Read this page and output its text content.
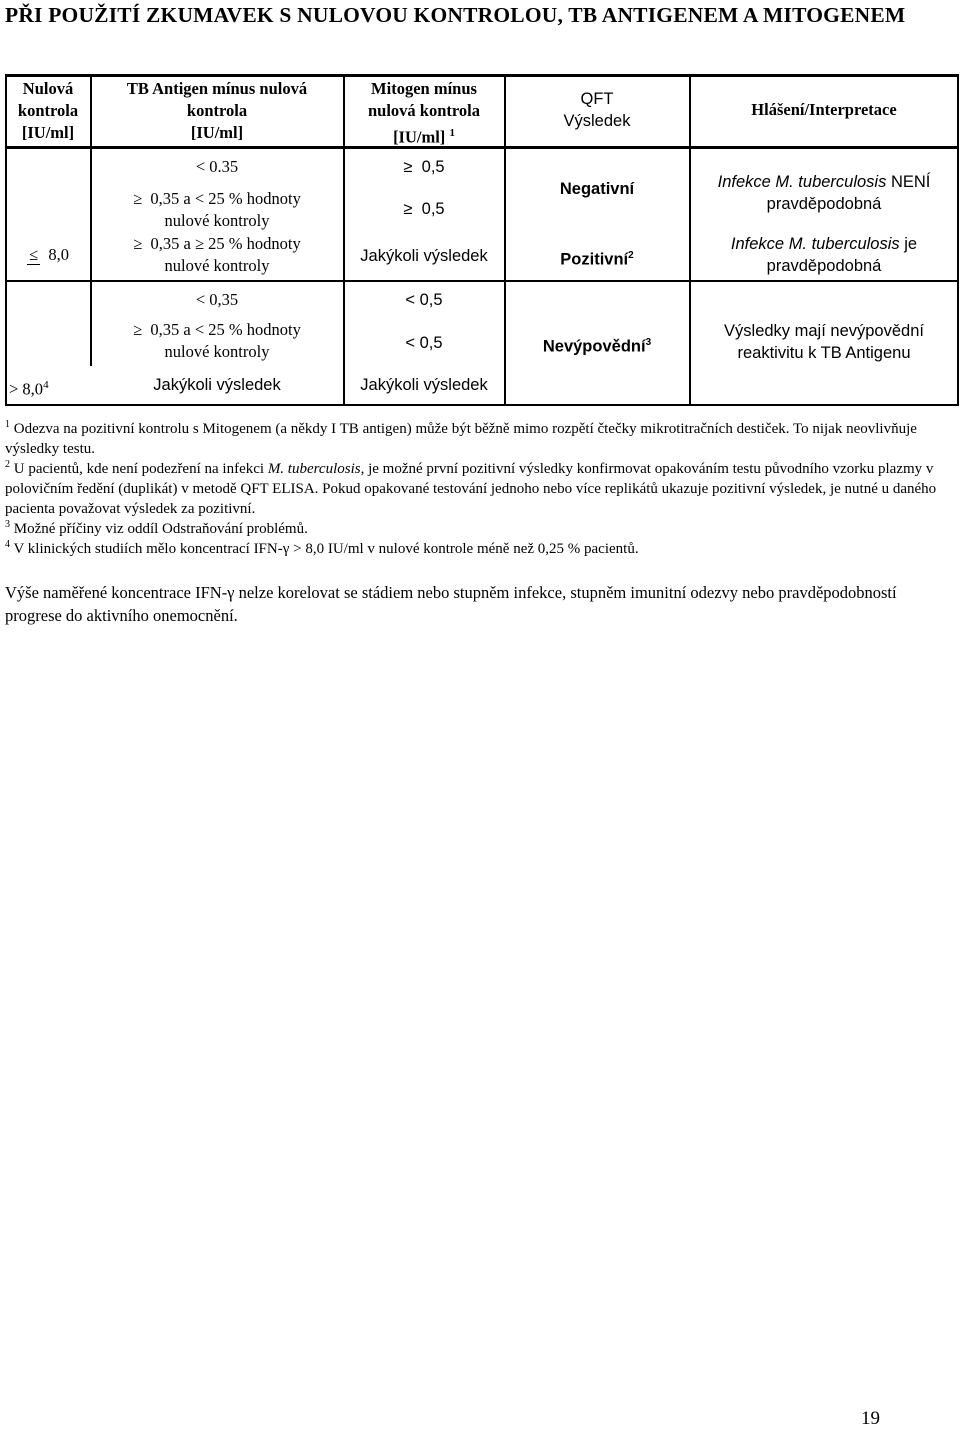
PŘI POUŽITÍ ZKUMAVEK S NULOVOU KONTROLOU, TB ANTIGENEM A MITOGENEM
Nulová
kontrola
[IU/ml]
TB Antigen mínus nulová
kontrola
[IU/ml]
Mitogen mínus
nulová kontrola
[IU/ml] $^1$
QFT
Výsledek
Hlášení/Interpretace
≤ 8,0
> $8,0^4$
< 0.35
≥ 0,35 a < 25 % hodnoty
nulové kontroly
≥ 0,35 a ≥ 25 % hodnoty
nulové kontroly
< 0,35
≥ 0,35 a < 25 % hodnoty
nulové kontroly
Jakýkoli výsledek
≥ 0,5
≥ 0,5
Jakýkoli výsledek
< 0,5
< 0,5
Jakýkoli výsledek
Negativní
Pozitivní$^2$
Nevýpovědní$^3$
Infekce M. tuberculosis NENÍ
pravděpodobná
Infekce M. tuberculosis je
pravděpodobná
Výsledky mají nevýpovědní
reaktivitu k TB Antigenu
$^1$ Odezva na pozitivní kontrolu s Mitogenem (a někdy I TB antigen) může být běžně mimo rozpětí čtečky mikrotitračních destiček. To nijak neovlivňuje výsledky testu.
$^2$ U pacientů, kde není podezření na infekci M. tuberculosis, je možné první pozitivní výsledky konfirmovat opakováním testu původního vzorku plazmy v polovičním ředění (duplikát) v metodě QFT ELISA. Pokud opakované testování jednoho nebo více replikátů ukazuje pozitivní výsledek, je nutné u daného pacienta považovat výsledek za pozitivní.
$^3$ Možné příčiny viz oddíl Odstraňování problémů.
$^4$ V klinických studiích mělo koncentrací IFN-γ > 8,0 IU/ml v nulové kontrole méně než 0,25 % pacientů.
Výše naměřené koncentrace IFN-γ nelze korelovat se stádiem nebo stupněm infekce, stupněm imunitní odezvy nebo pravděpodobností progrese do aktivního onemocnění.
19
